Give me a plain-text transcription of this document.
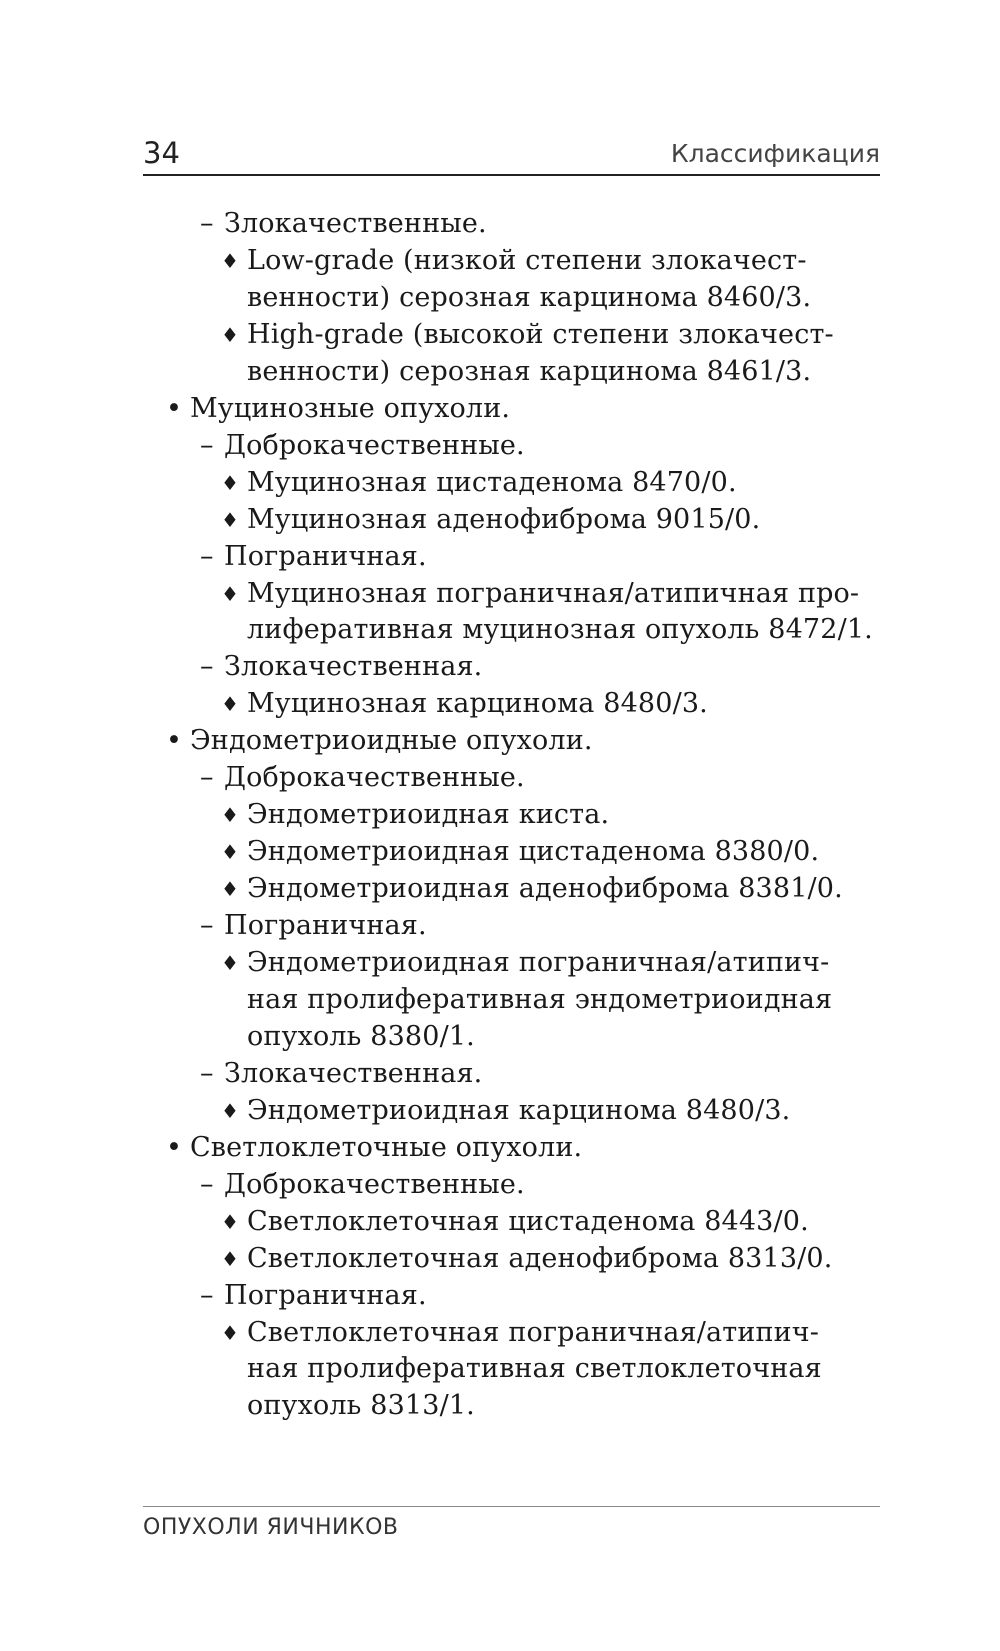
34	Классификация
– Злокачественные.
♦ Low-grade (низкой степени злокачест-
венности) серозная карцинома 8460/3.
♦ High-grade (высокой степени злокачест-
венности) серозная карцинома 8461/3.
• Муцинозные опухоли.
– Доброкачественные.
♦ Муцинозная цистаденома 8470/0.
♦ Муцинозная аденофиброма 9015/0.
– Пограничная.
♦ Муцинозная пограничная/атипичная про-
лиферативная муцинозная опухоль 8472/1.
– Злокачественная.
♦ Муцинозная карцинома 8480/3.
• Эндометриоидные опухоли.
– Доброкачественные.
♦ Эндометриоидная киста.
♦ Эндометриоидная цистаденома 8380/0.
♦ Эндометриоидная аденофиброма 8381/0.
– Пограничная.
♦ Эндометриоидная пограничная/атипич-
ная пролиферативная эндометриоидная
опухоль 8380/1.
– Злокачественная.
♦ Эндометриоидная карцинома 8480/3.
• Светлоклеточные опухоли.
– Доброкачественные.
♦ Светлоклеточная цистаденома 8443/0.
♦ Светлоклеточная аденофиброма 8313/0.
– Пограничная.
♦ Светлоклеточная пограничная/атипич-
ная пролиферативная светлоклеточная
опухоль 8313/1.
ОПУХОЛИ ЯИЧНИКОВ
